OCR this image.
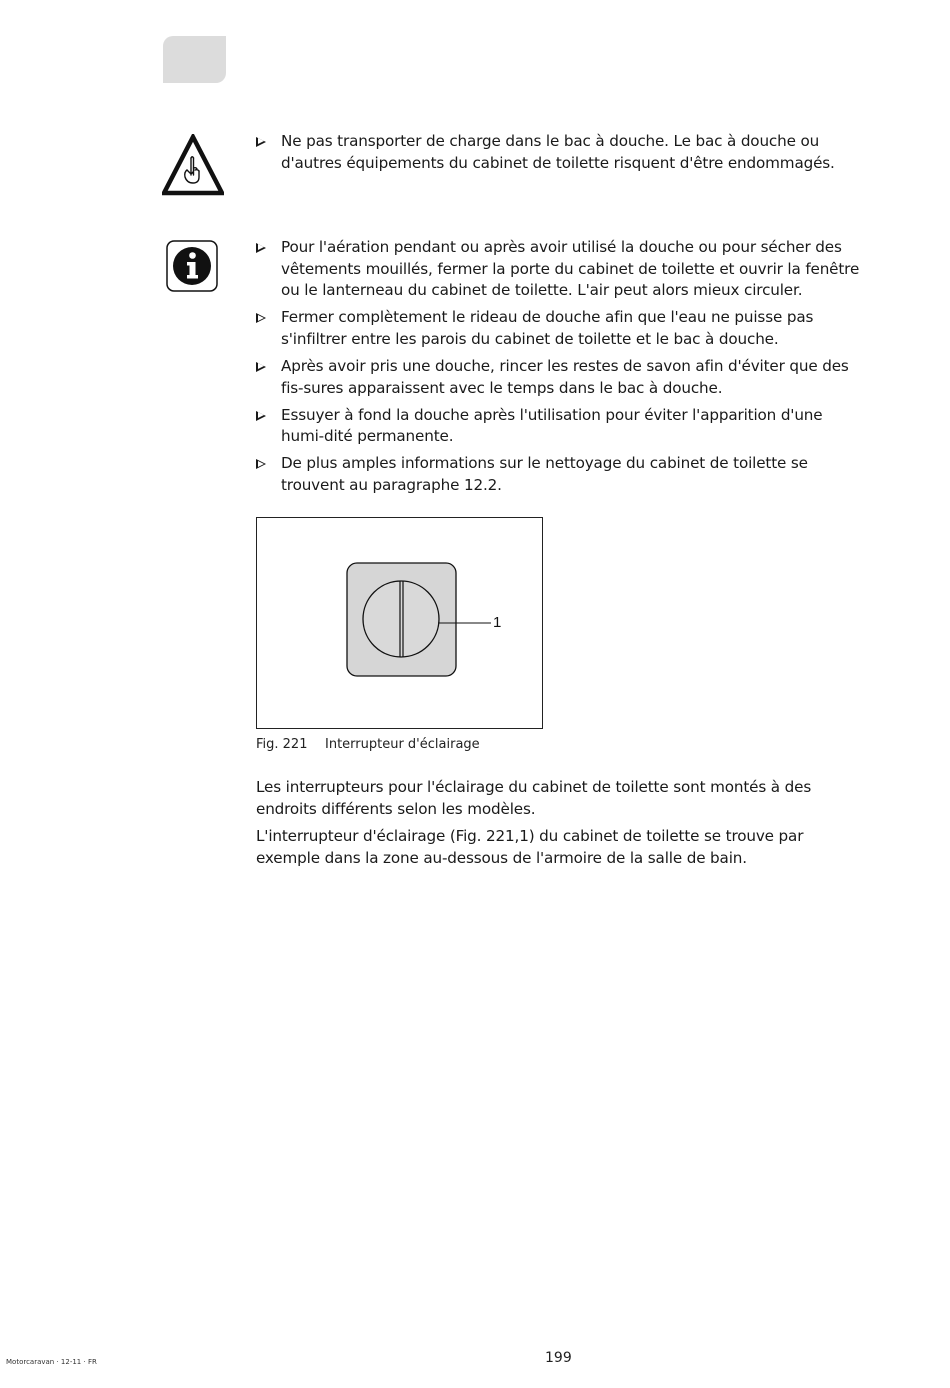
Ne pas transporter de charge dans le bac à douche. Le bac à douche ou d'autres équipements du cabinet de toilette risquent d'être endommagés.
Pour l'aération pendant ou après avoir utilisé la douche ou pour sécher des vêtements mouillés, fermer la porte du cabinet de toilette et ouvrir la fenêtre ou le lanterneau du cabinet de toilette. L'air peut alors mieux circuler.
Fermer complètement le rideau de douche afin que l'eau ne puisse pas s'infiltrer entre les parois du cabinet de toilette et le bac à douche.
Après avoir pris une douche, rincer les restes de savon afin d'éviter que des fis-sures apparaissent avec le temps dans le bac à douche.
Essuyer à fond la douche après l'utilisation pour éviter l'apparition d'une humi-dité permanente.
De plus amples informations sur le nettoyage du cabinet de toilette se trouvent au paragraphe 12.2.
1
Fig. 221 Interrupteur d'éclairage

Les interrupteurs pour l'éclairage du cabinet de toilette sont montés à des endroits différents selon les modèles.

L'interrupteur d'éclairage (Fig. 221,1) du cabinet de toilette se trouve par exemple dans la zone au-dessous de l'armoire de la salle de bain.

Motorcaravan · 12-11 · FR	199
